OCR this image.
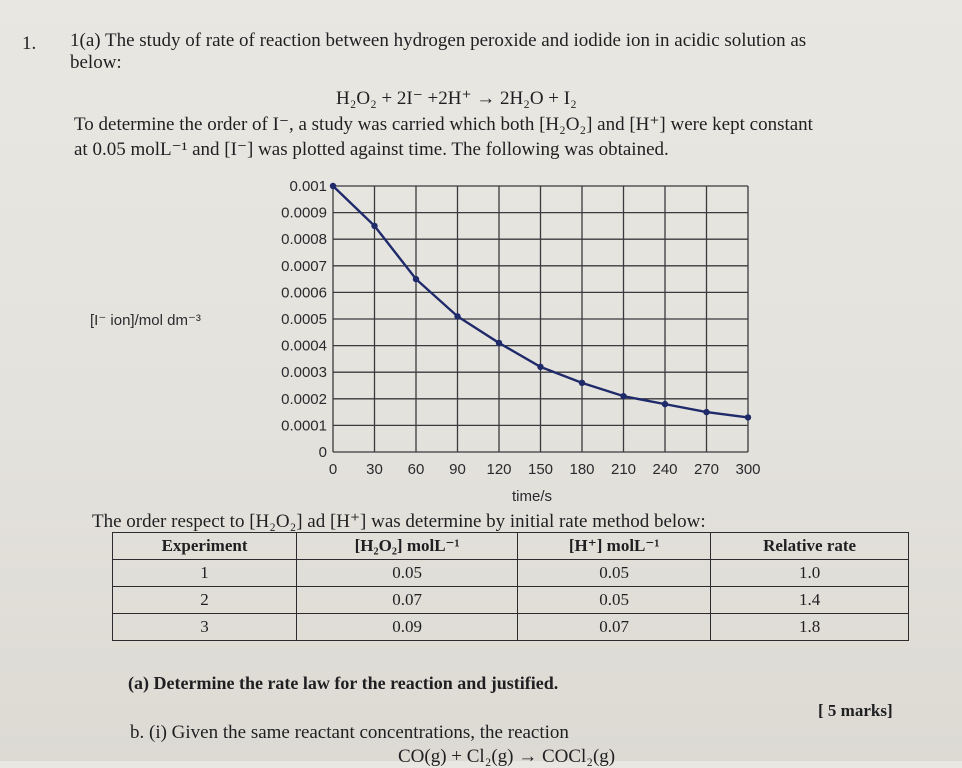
1. 1(a) The study of rate of reaction between hydrogen peroxide and iodide ion in acidic solution as
below:
H₂O₂ + 2I⁻ +2H⁺ → 2H₂O + I₂
To determine the order of I⁻, a study was carried which both [H₂O₂] and [H⁺] were kept constant
at 0.05 molL⁻¹ and [I⁻] was plotted against time. The following was obtained.
0
0.0001
0.0002
0.0003
0.0004
0.0005
0.0006
0.0007
0.0008
0.0009
0.001
0 30 60 90 120 150 180 210 240 270 300
[I⁻ ion]/mol dm⁻³
time/s
The order respect to [H₂O₂] ad [H⁺] was determine by initial rate method below:
Experiment	[H₂O₂] molL⁻¹	[H⁺] molL⁻¹	Relative rate
1	0.05	0.05	1.0
2	0.07	0.05	1.4
3	0.09	0.07	1.8
(a) Determine the rate law for the reaction and justified.
[ 5 marks]
b. (i) Given the same reactant concentrations, the reaction
CO(g) + Cl₂(g) → COCl₂(g)
